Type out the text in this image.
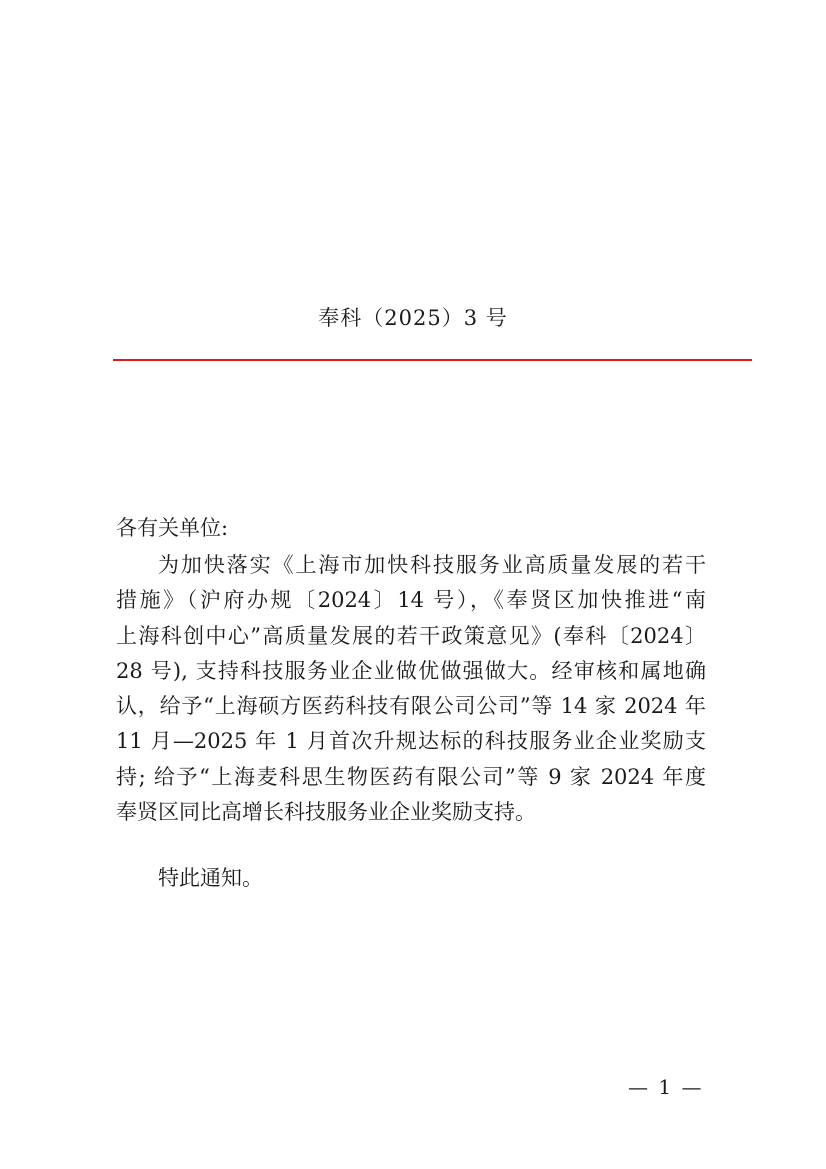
奉科（2025）3 号

各有关单位:

为加快落实《上海市加快科技服务业高质量发展的若干
措施》（沪府办规〔2024〕14 号），《奉贤区加快推进“南
上海科创中心”高质量发展的若干政策意见》(奉科〔2024〕
28 号), 支持科技服务业企业做优做强做大。经审核和属地确
认，给予“上海硕方医药科技有限公司公司”等 14 家 2024 年
11 月—2025 年 1 月首次升规达标的科技服务业企业奖励支
持; 给予“上海麦科思生物医药有限公司”等 9 家 2024 年度
奉贤区同比高增长科技服务业企业奖励支持。

特此通知。

— 1 —
